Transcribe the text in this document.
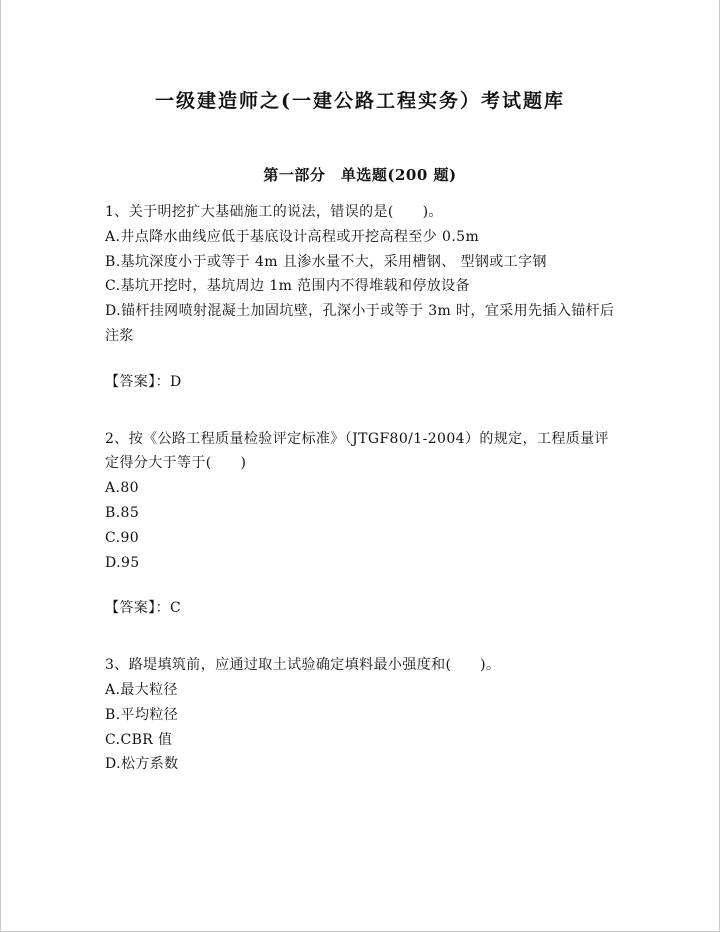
一级建造师之(一建公路工程实务）考试题库
第一部分　单选题(200 题)

1、关于明挖扩大基础施工的说法，错误的是(　　)。

A.井点降水曲线应低于基底设计高程或开挖高程至少 0.5m

B.基坑深度小于或等于 4m 且渗水量不大，采用槽钢、 型钢或工字钢

C.基坑开挖时，基坑周边 1m 范围内不得堆载和停放设备

D.锚杆挂网喷射混凝土加固坑壁，孔深小于或等于 3m 时，宜采用先插入锚杆后注浆

【答案】：D

2、按《公路工程质量检验评定标准》（JTGF80/1-2004）的规定，工程质量评定得分大于等于(　　)

A.80

B.85

C.90

D.95

【答案】：C

3、路堤填筑前，应通过取土试验确定填料最小强度和(　　)。

A.最大粒径

B.平均粒径

C.CBR 值

D.松方系数
